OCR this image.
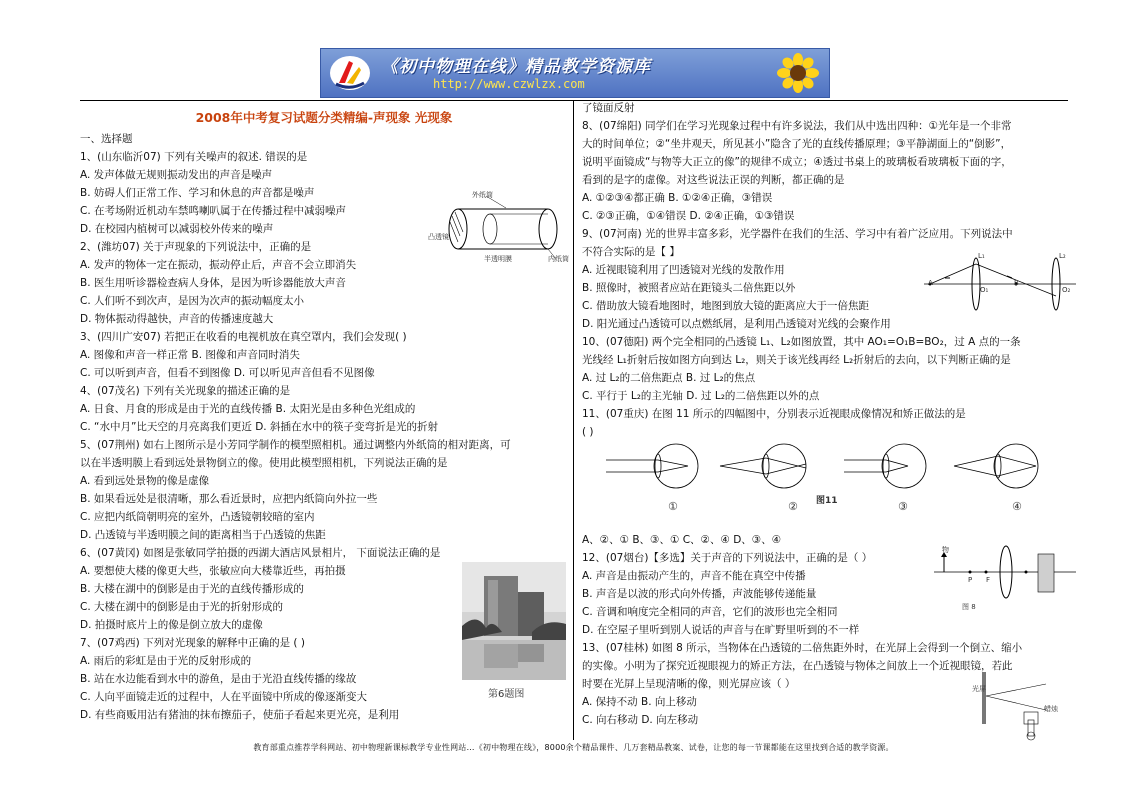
《初中物理在线》精品教学资源库
http://www.czwlzx.com
2008年中考复习试题分类精编-声现象 光现象
一、选择题
1、(山东临沂07) 下列有关噪声的叙述. 错误的是
A. 发声体做无规则振动发出的声音是噪声
B. 妨碍人们正常工作、学习和休息的声音都是噪声
C. 在考场附近机动车禁鸣喇叭属于在传播过程中减弱噪声
D. 在校园内植树可以减弱校外传来的噪声
2、(潍坊07) 关于声现象的下列说法中，正确的是
A. 发声的物体一定在振动，振动停止后，声音不会立即消失
B. 医生用听诊器检查病人身体，是因为听诊器能放大声音
C. 人们听不到次声，是因为次声的振动幅度太小
D. 物体振动得越快，声音的传播速度越大
3、(四川广安07) 若把正在收看的电视机放在真空罩内，我们会发现( )
A. 图像和声音一样正常 B. 图像和声音同时消失
C. 可以听到声音，但看不到图像 D. 可以听见声音但看不见图像
4、(07茂名) 下列有关光现象的描述正确的是
A. 日食、月食的形成是由于光的直线传播 B. 太阳光是由多种色光组成的
C. “水中月”比天空的月亮离我们更近 D. 斜插在水中的筷子变弯折是光的折射
5、(07荆州) 如右上图所示是小芳同学制作的模型照相机。通过调整内外纸筒的相对距离，可
以在半透明膜上看到远处景物倒立的像。使用此模型照相机，下列说法正确的是
A. 看到远处景物的像是虚像
B. 如果看远处是很清晰，那么看近景时，应把内纸筒向外拉一些
C. 应把内纸筒朝明亮的室外，凸透镜朝较暗的室内
D. 凸透镜与半透明膜之间的距离相当于凸透镜的焦距
6、(07黄冈) 如图是张敏同学拍摄的西湖大酒店风景相片， 下面说法正确的是
A. 要想使大楼的像更大些，张敏应向大楼靠近些，再拍摄
B. 大楼在湖中的倒影是由于光的直线传播形成的
C. 大楼在湖中的倒影是由于光的折射形成的
D. 拍摄时底片上的像是倒立放大的虚像
7、(07鸡西) 下列对光现象的解释中正确的是 ( )
A. 雨后的彩虹是由于光的反射形成的
B. 站在水边能看到水中的游鱼，是由于光沿直线传播的缘故
C. 人向平面镜走近的过程中，人在平面镜中所成的像逐渐变大
D. 有些商贩用沾有猪油的抹布擦茄子，使茄子看起来更光亮，是利用
了镜面反射
8、(07绵阳) 同学们在学习光现象过程中有许多说法，我们从中选出四种：①光年是一个非常
大的时间单位；②“坐井观天，所见甚小”隐含了光的直线传播原理；③平静湖面上的“倒影”，
说明平面镜成“与物等大正立的像”的规律不成立；④透过书桌上的玻璃板看玻璃板下面的字，
看到的是字的虚像。对这些说法正误的判断，都正确的是
A. ①②③④都正确 B. ①②④正确，③错误
C. ②③正确，①④错误 D. ②④正确，①③错误
9、(07河南) 光的世界丰富多彩，光学器件在我们的生活、学习中有着广泛应用。下列说法中
不符合实际的是【 】
A. 近视眼镜利用了凹透镜对光线的发散作用
B. 照像时，被照者应站在距镜头二倍焦距以外
C. 借助放大镜看地图时，地图到放大镜的距离应大于一倍焦距
D. 阳光通过凸透镜可以点燃纸屑，是利用凸透镜对光线的会聚作用
10、(07德阳) 两个完全相同的凸透镜 L₁、L₂如图放置，其中 AO₁=O₁B=BO₂，过 A 点的一条
光线经 L₁折射后按如图方向到达 L₂，则关于该光线再经 L₂折射后的去向，以下判断正确的是
A. 过 L₂的二倍焦距点 B. 过 L₂的焦点
C. 平行于 L₂的主光轴 D. 过 L₂的二倍焦距以外的点
11、(07重庆) 在图 11 所示的四幅图中，分别表示近视眼成像情况和矫正做法的是
( )

A、②、① B、③、① C、②、④ D、③、④
12、(07烟台)【多选】关于声音的下列说法中，正确的是（ ）
A. 声音是由振动产生的，声音不能在真空中传播
B. 声音是以波的形式向外传播，声波能够传递能量
C. 音调和响度完全相同的声音，它们的波形也完全相同
D. 在空屋子里听到别人说话的声音与在旷野里听到的不一样
13、(07桂林) 如图 8 所示，当物体在凸透镜的二倍焦距外时，在光屏上会得到一个倒立、缩小
的实像。小明为了探究近视眼视力的矫正方法，在凸透镜与物体之间放上一个近视眼镜，若此
时要在光屏上呈现清晰的像，则光屏应该（ ）
A. 保持不动 B. 向上移动
C. 向右移动 D. 向左移动
外纸筒
凸透镜
半透明膜	内纸筒
第6题图
A
L₁
O₁
B
L₂
O₂
①	②	③	④
图11
物
P F
图 8
光屏
蜡烛
教育部重点推荐学科网站、初中物理新课标教学专业性网站…《初中物理在线》，8000余个精品课件、几万套精品教案、试卷，让您的每一节课都能在这里找到合适的教学资源。
